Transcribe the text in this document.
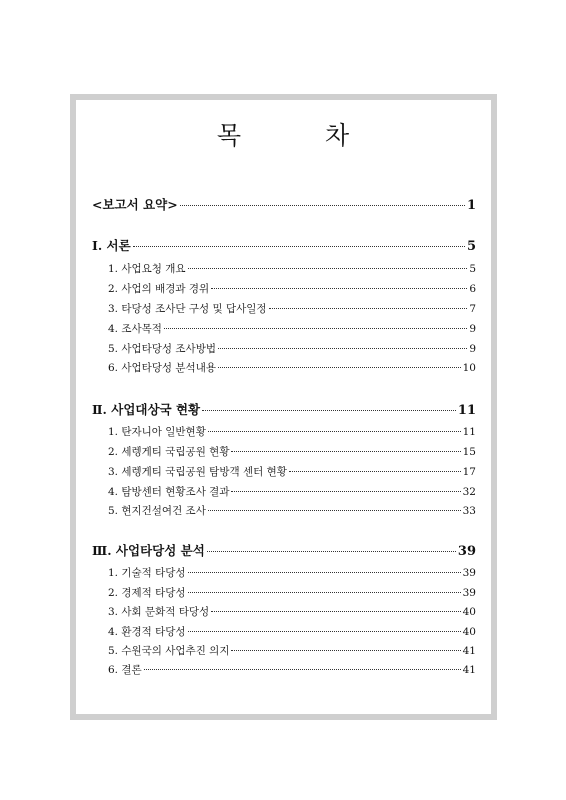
목 차
<보고서 요약>	1
Ⅰ. 서론	5
1. 사업요청 개요	5
2. 사업의 배경과 경위	6
3. 타당성 조사단 구성 및 답사일정	7
4. 조사목적	9
5. 사업타당성 조사방법	9
6. 사업타당성 분석내용	10
Ⅱ. 사업대상국 현황	11
1. 탄자니아 일반현황	11
2. 세렝게티 국립공원 현황	15
3. 세렝게티 국립공원 탐방객 센터 현황	17
4. 탐방센터 현황조사 결과	32
5. 현지건설여건 조사	33
Ⅲ. 사업타당성 분석	39
1. 기술적 타당성	39
2. 경제적 타당성	39
3. 사회 문화적 타당성	40
4. 환경적 타당성	40
5. 수원국의 사업추진 의지	41
6. 결론	41
